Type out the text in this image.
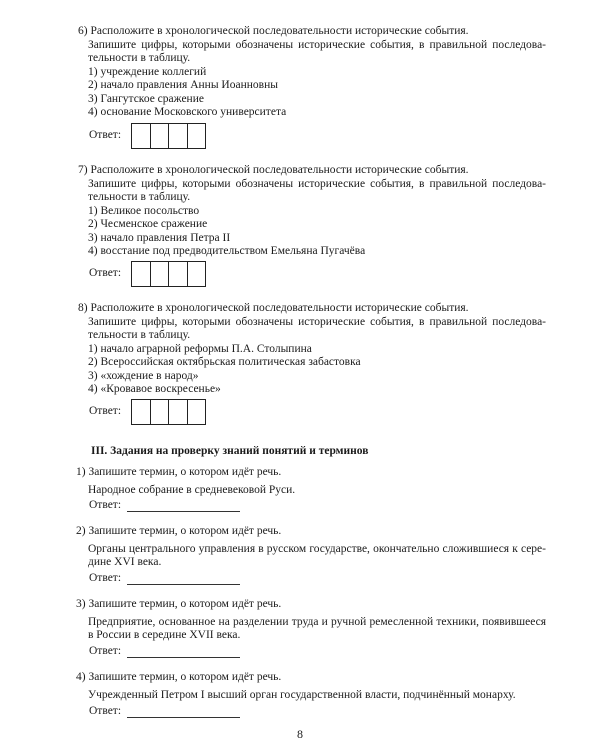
6) Расположите в хронологической последовательности исторические события.
Запишите цифры, которыми обозначены исторические события, в правильной последова-
тельности в таблицу.
1) учреждение коллегий
2) начало правления Анны Иоанновны
3) Гангутское сражение
4) основание Московского университета
Ответ:
7) Расположите в хронологической последовательности исторические события.
Запишите цифры, которыми обозначены исторические события, в правильной последова-
тельности в таблицу.
1) Великое посольство
2) Чесменское сражение
3) начало правления Петра II
4) восстание под предводительством Емельяна Пугачёва
Ответ:
8) Расположите в хронологической последовательности исторические события.
Запишите цифры, которыми обозначены исторические события, в правильной последова-
тельности в таблицу.
1) начало аграрной реформы П.А. Столыпина
2) Всероссийская октябрьская политическая забастовка
3) «хождение в народ»
4) «Кровавое воскресенье»
Ответ:
III. Задания на проверку знаний понятий и терминов
1) Запишите термин, о котором идёт речь.
Народное собрание в средневековой Руси.
Ответ:
2) Запишите термин, о котором идёт речь.
Органы центрального управления в русском государстве, окончательно сложившиеся к сере-
дине XVI века.
Ответ:
3) Запишите термин, о котором идёт речь.
Предприятие, основанное на разделении труда и ручной ремесленной техники, появившееся
в России в середине XVII века.
Ответ:
4) Запишите термин, о котором идёт речь.
Учрежденный Петром I высший орган государственной власти, подчинённый монарху.
Ответ:
8
